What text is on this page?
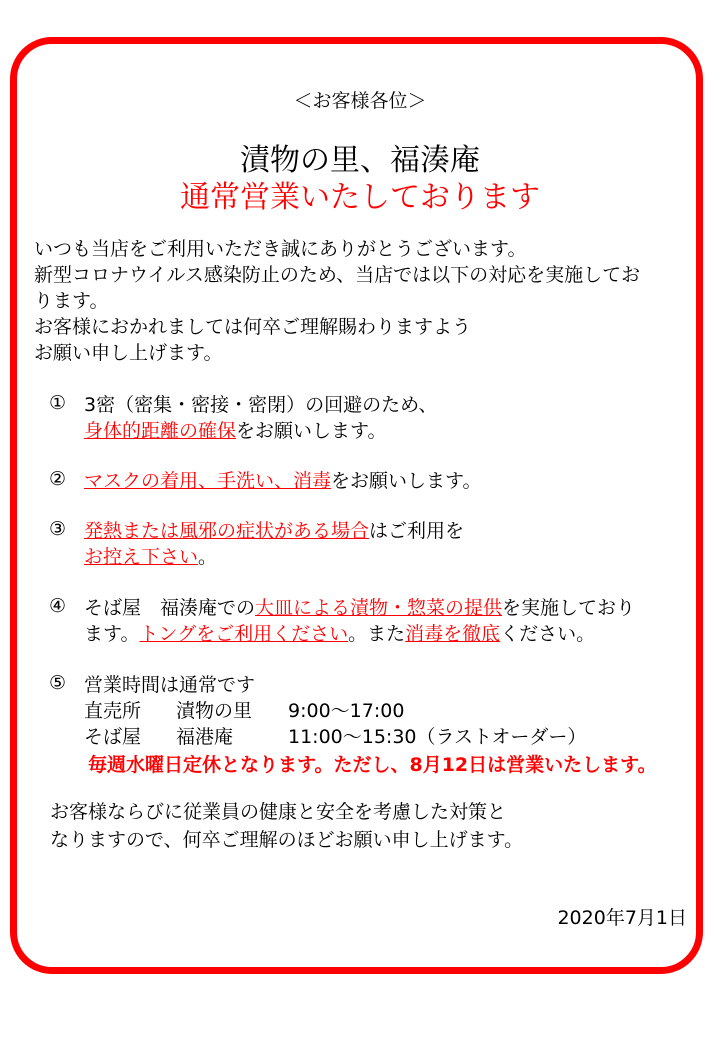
＜お客様各位＞
漬物の里、福湊庵
通常営業いたしております
いつも当店をご利用いただき誠にありがとうございます。
新型コロナウイルス感染防止のため、当店では以下の対応を実施してお
ります。
お客様におかれましては何卒ご理解賜わりますよう
お願い申し上げます。
① 3密（密集・密接・密閉）の回避のため、
身体的距離の確保をお願いします。
② マスクの着用、手洗い、消毒をお願いします。
③ 発熱または風邪の症状がある場合はご利用を
お控え下さい。
④ そば屋　福湊庵での大皿による漬物・惣菜の提供を実施しており
ます。トングをご利用ください。また消毒を徹底ください。
⑤ 営業時間は通常です
直売所 漬物の里 9:00～17:00
そば屋 福港庵	11:00～15:30（ラストオーダー）
毎週水曜日定休となります。ただし、8月12日は営業いたします。
お客様ならびに従業員の健康と安全を考慮した対策と
なりますので、何卒ご理解のほどお願い申し上げます。
2020年7月1日
